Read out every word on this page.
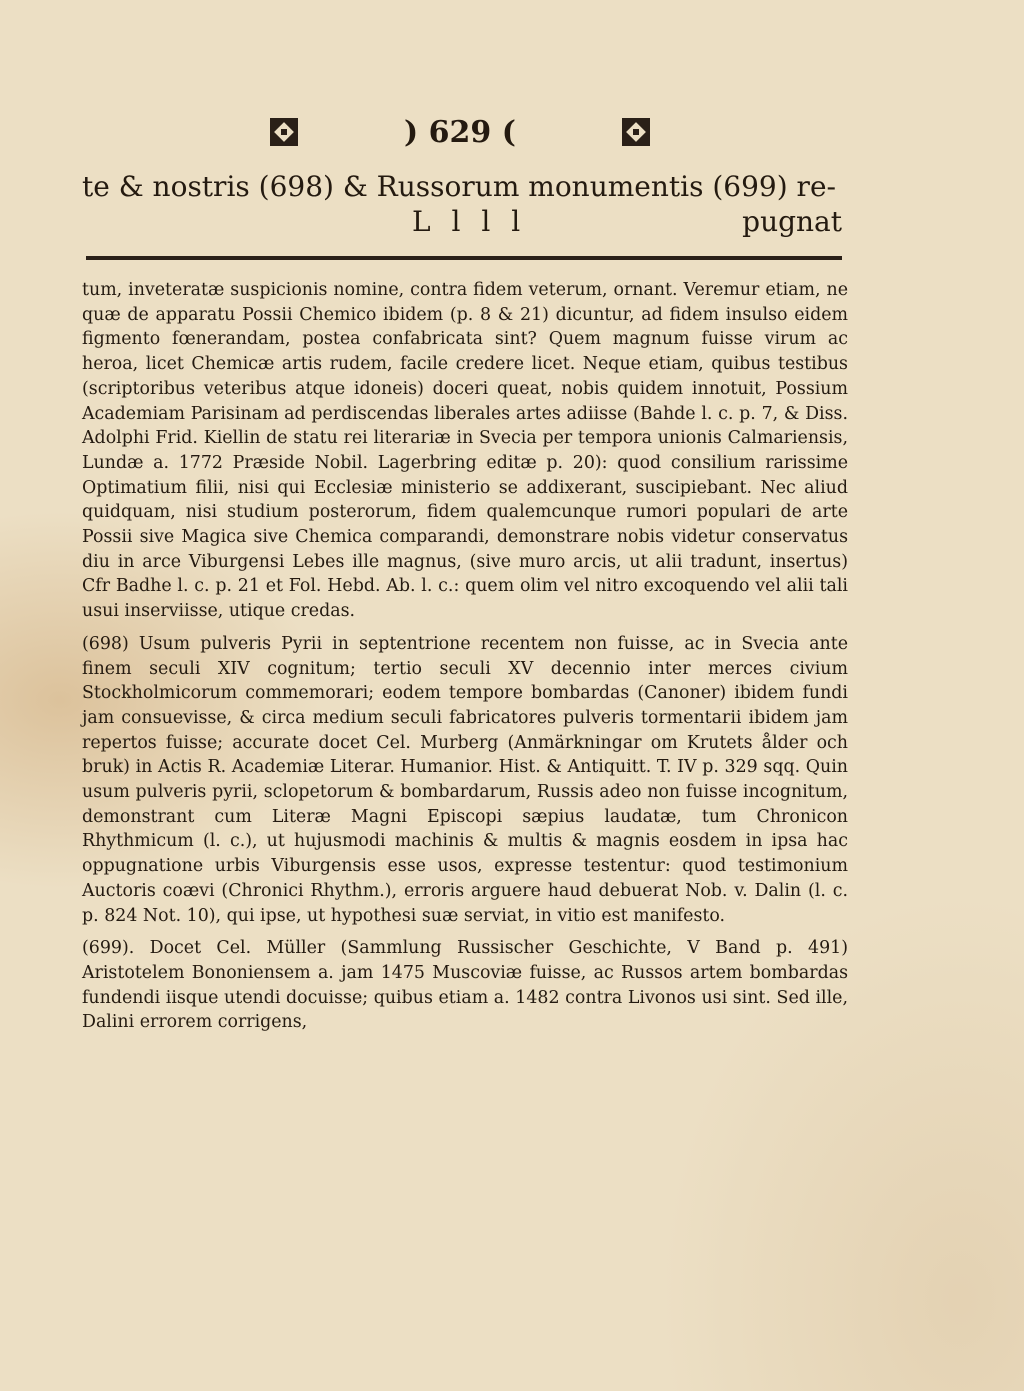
) 629 (
te & nostris (698) & Russorum monumentis (699) re-
L l l l	pugnat

tum, inveteratæ suspicionis nomine, contra fidem veterum, ornant. Veremur etiam, ne quæ de apparatu Possii Chemico ibidem (p. 8 & 21) dicuntur, ad fidem insulso eidem figmento fœnerandam, postea confabricata sint? Quem magnum fuisse virum ac heroa, licet Chemicæ artis rudem, facile credere licet. Neque etiam, quibus testibus (scriptoribus veteribus atque idoneis) doceri queat, nobis quidem innotuit, Possium Academiam Parisinam ad perdiscendas liberales artes adiisse (Bahde l. c. p. 7, & Diss. Adolphi Frid. Kiellin de statu rei literariæ in Svecia per tempora unionis Calmariensis, Lundæ a. 1772 Præside Nobil. Lagerbring editæ p. 20): quod consilium rarissime Optimatium filii, nisi qui Ecclesiæ ministerio se addixerant, suscipiebant. Nec aliud quidquam, nisi studium posterorum, fidem qualemcunque rumori populari de arte Possii sive Magica sive Chemica comparandi, demonstrare nobis videtur conservatus diu in arce Viburgensi Lebes ille magnus, (sive muro arcis, ut alii tradunt, insertus) Cfr Badhe l. c. p. 21 et Fol. Hebd. Ab. l. c.: quem olim vel nitro excoquendo vel alii tali usui inserviisse, utique credas.

(698) Usum pulveris Pyrii in septentrione recentem non fuisse, ac in Svecia ante finem seculi XIV cognitum; tertio seculi XV decennio inter merces civium Stockholmicorum commemorari; eodem tempore bombardas (Canoner) ibidem fundi jam consuevisse, & circa medium seculi fabricatores pulveris tormentarii ibidem jam repertos fuisse; accurate docet Cel. Murberg (Anmärkningar om Krutets ålder och bruk) in Actis R. Academiæ Literar. Humanior. Hist. & Antiquitt. T. IV p. 329 sqq. Quin usum pulveris pyrii, sclopetorum & bombardarum, Russis adeo non fuisse incognitum, demonstrant cum Literæ Magni Episcopi sæpius laudatæ, tum Chronicon Rhythmicum (l. c.), ut hujusmodi machinis & multis & magnis eosdem in ipsa hac oppugnatione urbis Viburgensis esse usos, expresse testentur: quod testimonium Auctoris coævi (Chronici Rhythm.), erroris arguere haud debuerat Nob. v. Dalin (l. c. p. 824 Not. 10), qui ipse, ut hypothesi suæ serviat, in vitio est manifesto.

(699). Docet Cel. Müller (Sammlung Russischer Geschichte, V Band p. 491) Aristotelem Bononiensem a. jam 1475 Muscoviæ fuisse, ac Russos artem bombardas fundendi iisque utendi docuisse; quibus etiam a. 1482 contra Livonos usi sint. Sed ille, Dalini errorem corrigens,
